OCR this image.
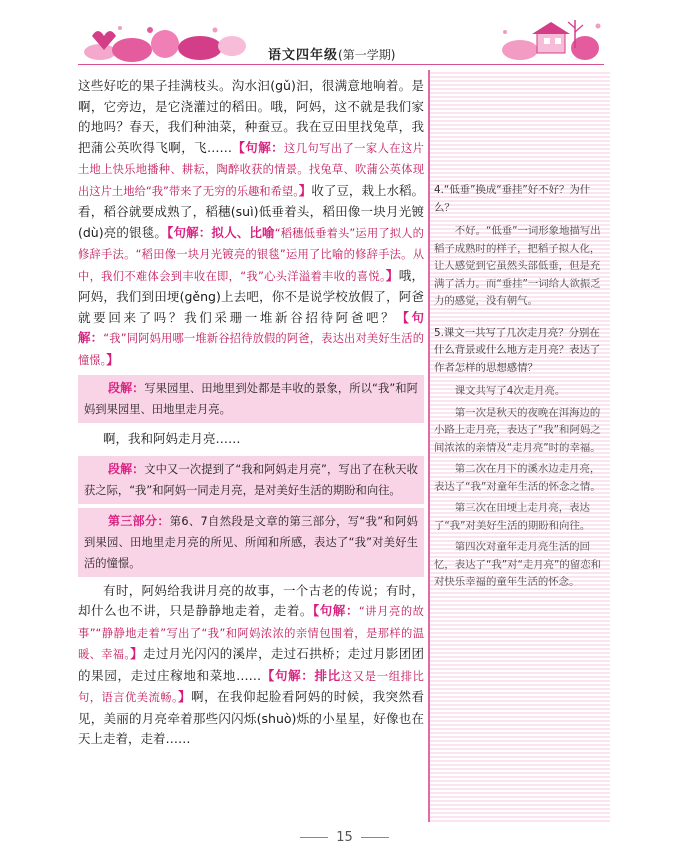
语文四年级(第一学期)

这些好吃的果子挂满枝头。沟水汩(gǔ)汩，很满意地响着。是啊，它旁边，是它浇灌过的稻田。哦，阿妈，这不就是我们家的地吗？春天，我们种油菜，种蚕豆。我在豆田里找兔草，我把蒲公英吹得飞啊，飞……【句解：这几句写出了一家人在这片土地上快乐地播种、耕耘，陶醉收获的情景。找兔草、吹蒲公英体现出这片土地给“我”带来了无穷的乐趣和希望。】收了豆，栽上水稻。看，稻谷就要成熟了，稻穗(suì)低垂着头，稻田像一块月光镀(dù)亮的银毯。【句解：拟人、比喻“稻穗低垂着头”运用了拟人的修辞手法。“稻田像一块月光镀亮的银毯”运用了比喻的修辞手法。从中，我们不难体会到丰收在即，“我”心头洋溢着丰收的喜悦。】哦，阿妈，我们到田埂(gěng)上去吧，你不是说学校放假了，阿爸就要回来了吗？我们采珊一堆新谷招待阿爸吧？【句解：“我”同阿妈用哪一堆新谷招待放假的阿爸，表达出对美好生活的憧憬。】

段解：写果园里、田地里到处都是丰收的景象，所以“我”和阿妈到果园里、田地里走月亮。

啊，我和阿妈走月亮……

段解：文中又一次提到了“我和阿妈走月亮”，写出了在秋天收获之际，“我”和阿妈一同走月亮，是对美好生活的期盼和向往。
第三部分：第6、7自然段是文章的第三部分，写“我”和阿妈到果园、田地里走月亮的所见、所闻和所感，表达了“我”对美好生活的憧憬。

有时，阿妈给我讲月亮的故事，一个古老的传说；有时，却什么也不讲，只是静静地走着，走着。【句解：“讲月亮的故事”“静静地走着”写出了“我”和阿妈浓浓的亲情包围着，是那样的温暖、幸福。】走过月光闪闪的溪岸，走过石拱桥；走过月影团团的果园，走过庄稼地和菜地……【句解：排比这又是一组排比句，语言优美流畅。】啊，在我仰起脸看阿妈的时候，我突然看见，美丽的月亮牵着那些闪闪烁(shuò)烁的小星星，好像也在天上走着，走着……

4.“低垂”换成“垂挂”好不好？为什么？

不好。“低垂”一词形象地描写出稻子成熟时的样子，把稻子拟人化，让人感觉到它虽然头部低垂，但是充满了活力。而“垂挂”一词给人欲振乏力的感觉，没有朝气。

5.课文一共写了几次走月亮？分别在什么背景或什么地方走月亮？表达了作者怎样的思想感情？

课文共写了4次走月亮。

第一次是秋天的夜晚在洱海边的小路上走月亮，表达了“我”和阿妈之间浓浓的亲情及“走月亮”时的幸福。

第二次在月下的溪水边走月亮，表达了“我”对童年生活的怀念之情。

第三次在田埂上走月亮，表达了“我”对美好生活的期盼和向往。

第四次对童年走月亮生活的回忆，表达了“我”对“走月亮”的留恋和对快乐幸福的童年生活的怀念。

15
